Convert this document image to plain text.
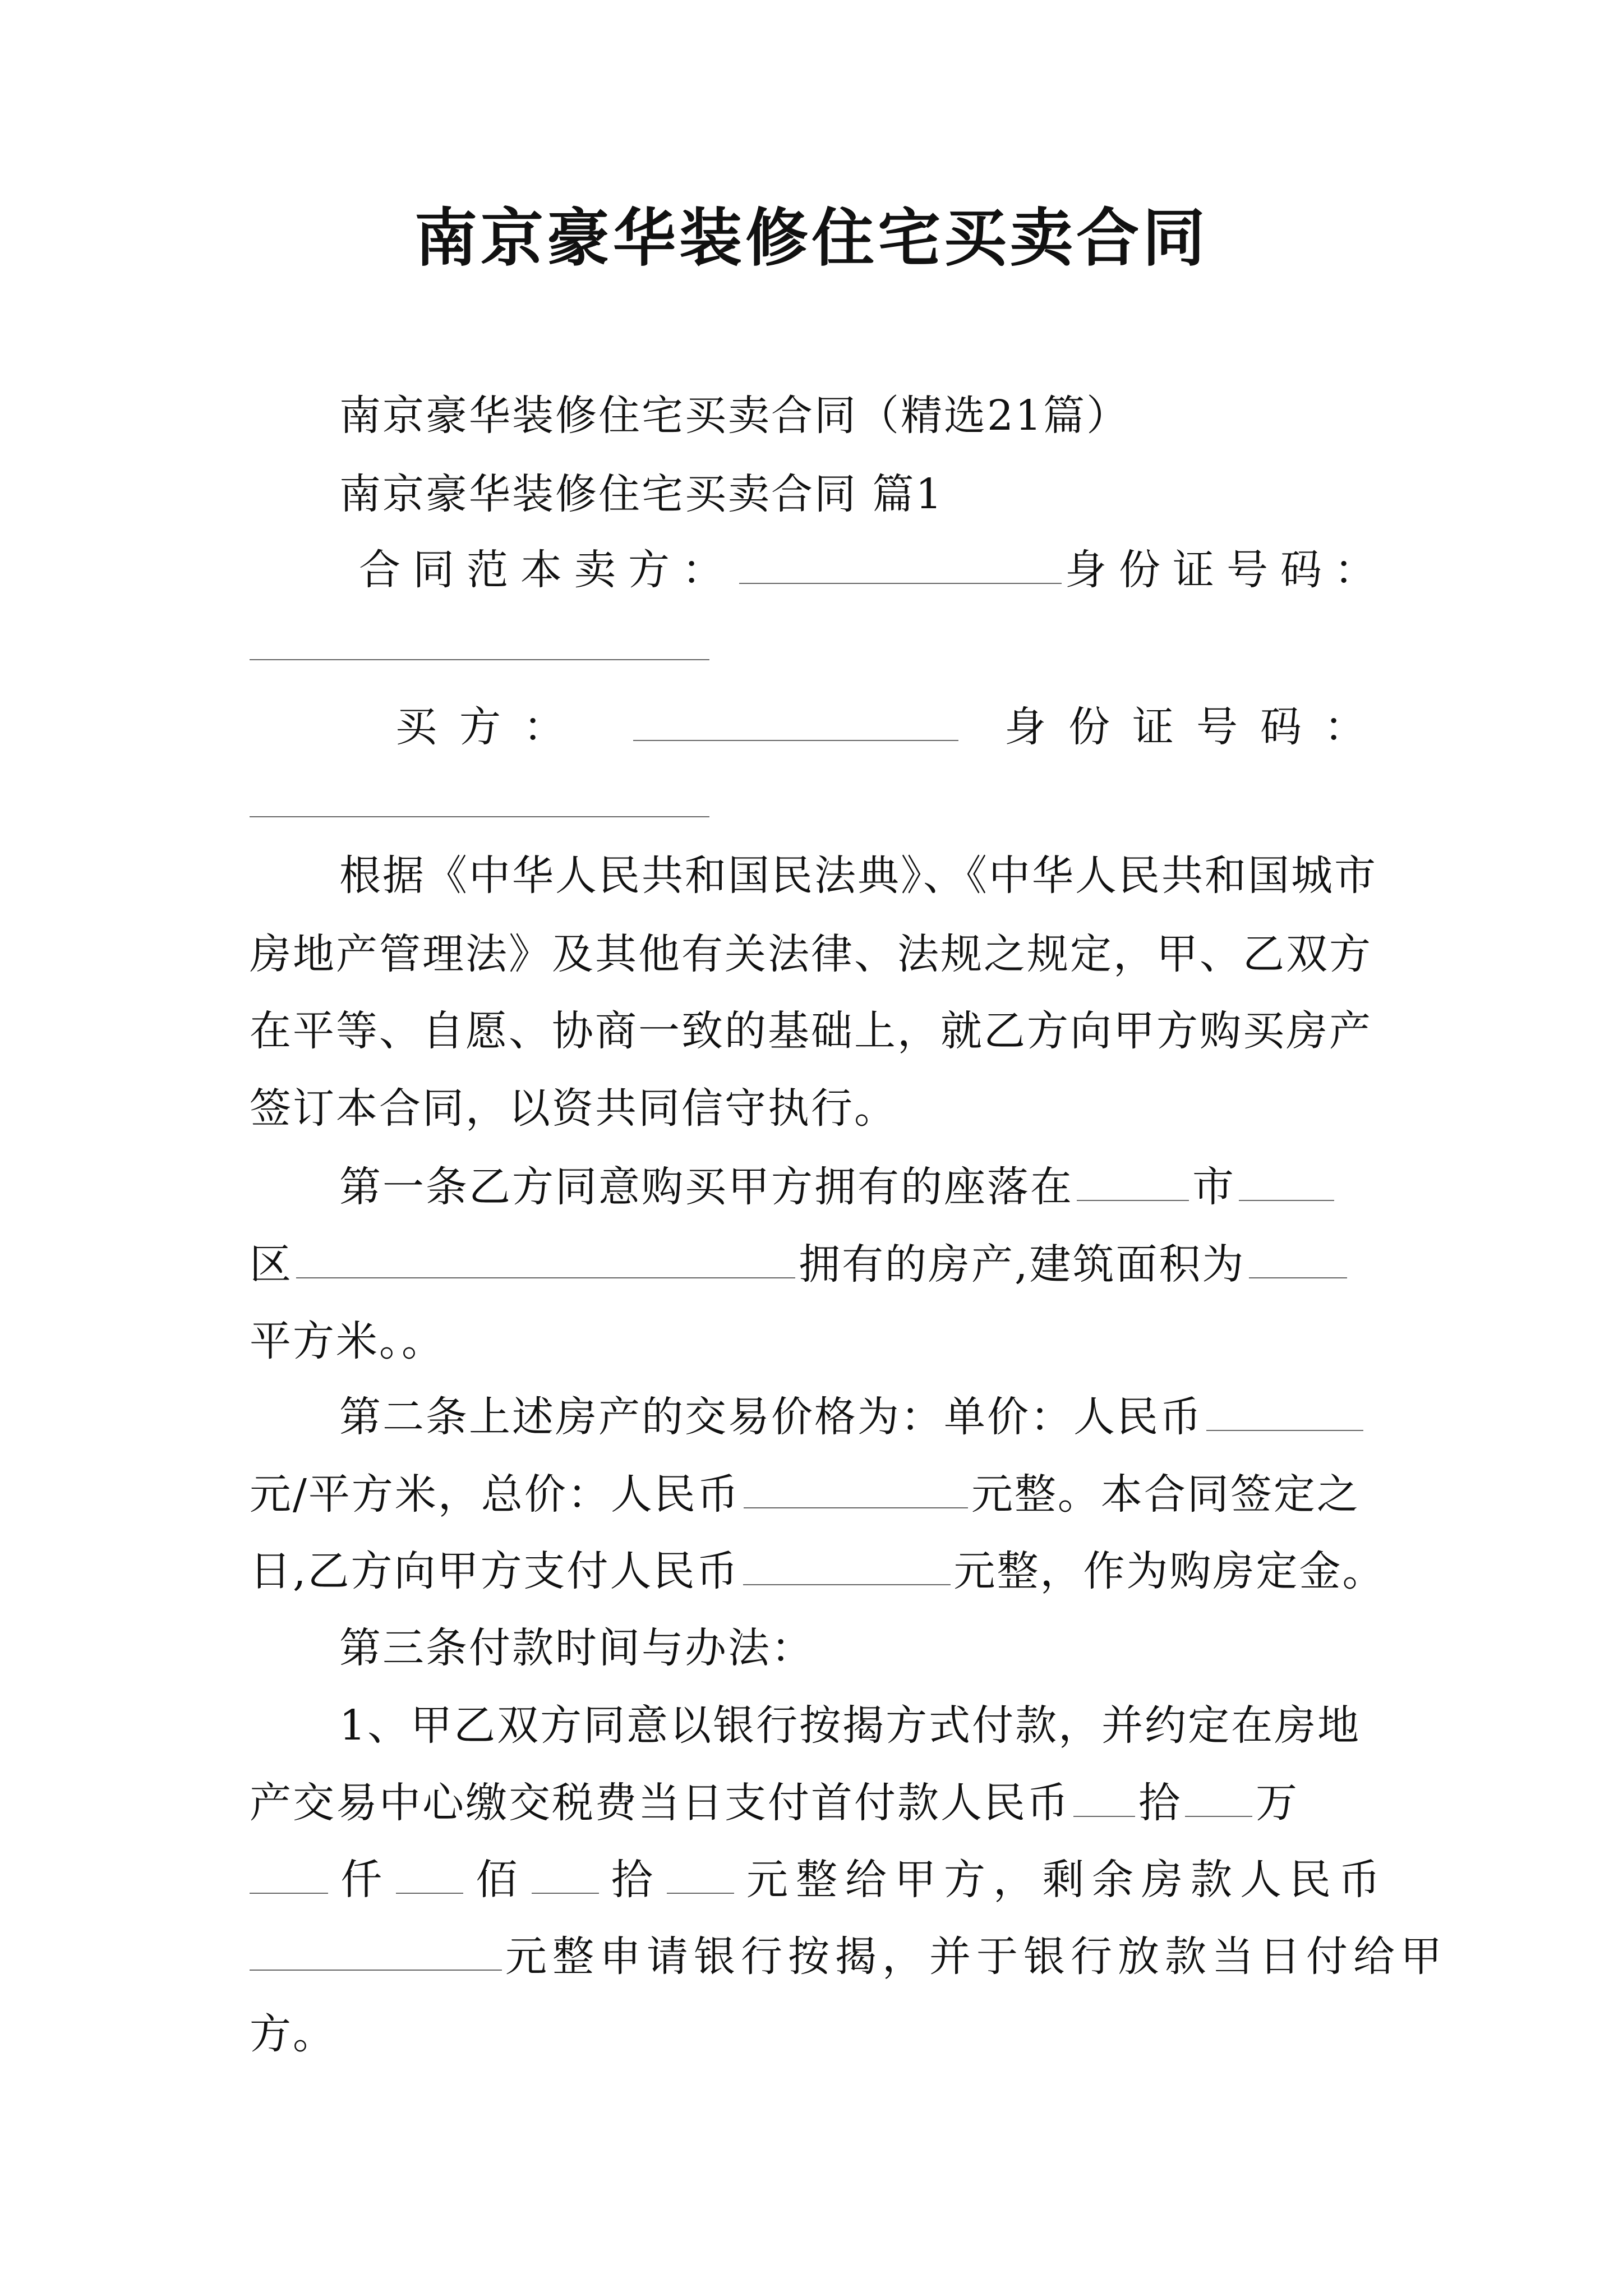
南京豪华装修住宅买卖合同
南京豪华装修住宅买卖合同（精选21篇）
南京豪华装修住宅买卖合同 篇1
合同范本卖方：	身份证号码：
买方：	身份证号码：
根据《中华人民共和国民法典》、《中华人民共和国城市
房地产管理法》及其他有关法律、法规之规定，甲、乙双方
在平等、自愿、协商一致的基础上，就乙方向甲方购买房产
签订本合同，以资共同信守执行。
第一条乙方同意购买甲方拥有的座落在	市
区	拥有的房产,建筑面积为
平方米。。
第二条上述房产的交易价格为：单价：人民币
元/平方米，总价：人民币	元整。本合同签定之
日,乙方向甲方支付人民币	元整，作为购房定金。
第三条付款时间与办法：
1、甲乙双方同意以银行按揭方式付款，并约定在房地
产交易中心缴交税费当日支付首付款人民币 拾 万
仟 佰 拾 元整给甲方，剩余房款人民币
元整申请银行按揭，并于银行放款当日付给甲
方。
